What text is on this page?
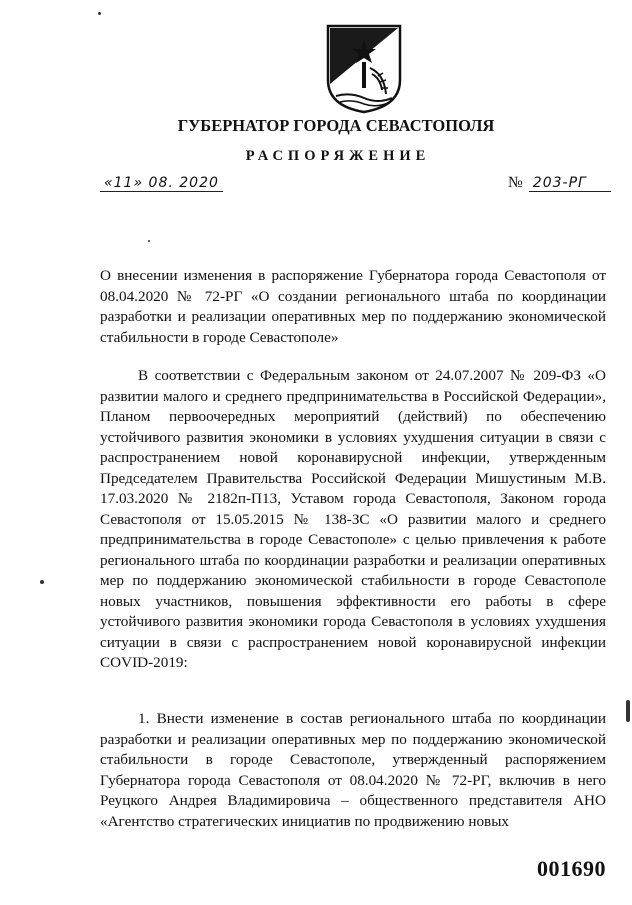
ГУБЕРНАТОР ГОРОДА СЕВАСТОПОЛЯ
РАСПОРЯЖЕНИЕ
«11» 08. 2020	№ 203-РГ

О внесении изменения в распоряжение Губернатора города Севастополя от 08.04.2020 № 72-РГ «О создании регионального штаба по координации разработки и реализации оперативных мер по поддержанию экономической стабильности в городе Севастополе»

В соответствии с Федеральным законом от 24.07.2007 № 209-ФЗ «О развитии малого и среднего предпринимательства в Российской Федерации», Планом первоочередных мероприятий (действий) по обеспечению устойчивого развития экономики в условиях ухудшения ситуации в связи с распространением новой коронавирусной инфекции, утвержденным Председателем Правительства Российской Федерации Мишустиным М.В. 17.03.2020 № 2182п-П13, Уставом города Севастополя, Законом города Севастополя от 15.05.2015 № 138-ЗС «О развитии малого и среднего предпринимательства в городе Севастополе» с целью привлечения к работе регионального штаба по координации разработки и реализации оперативных мер по поддержанию экономической стабильности в городе Севастополе новых участников, повышения эффективности его работы в сфере устойчивого развития экономики города Севастополя в условиях ухудшения ситуации в связи с распространением новой коронавирусной инфекции COVID-2019:

1. Внести изменение в состав регионального штаба по координации разработки и реализации оперативных мер по поддержанию экономической стабильности в городе Севастополе, утвержденный распоряжением Губернатора города Севастополя от 08.04.2020 № 72-РГ, включив в него Реуцкого Андрея Владимировича – общественного представителя АНО «Агентство стратегических инициатив по продвижению новых

001690
